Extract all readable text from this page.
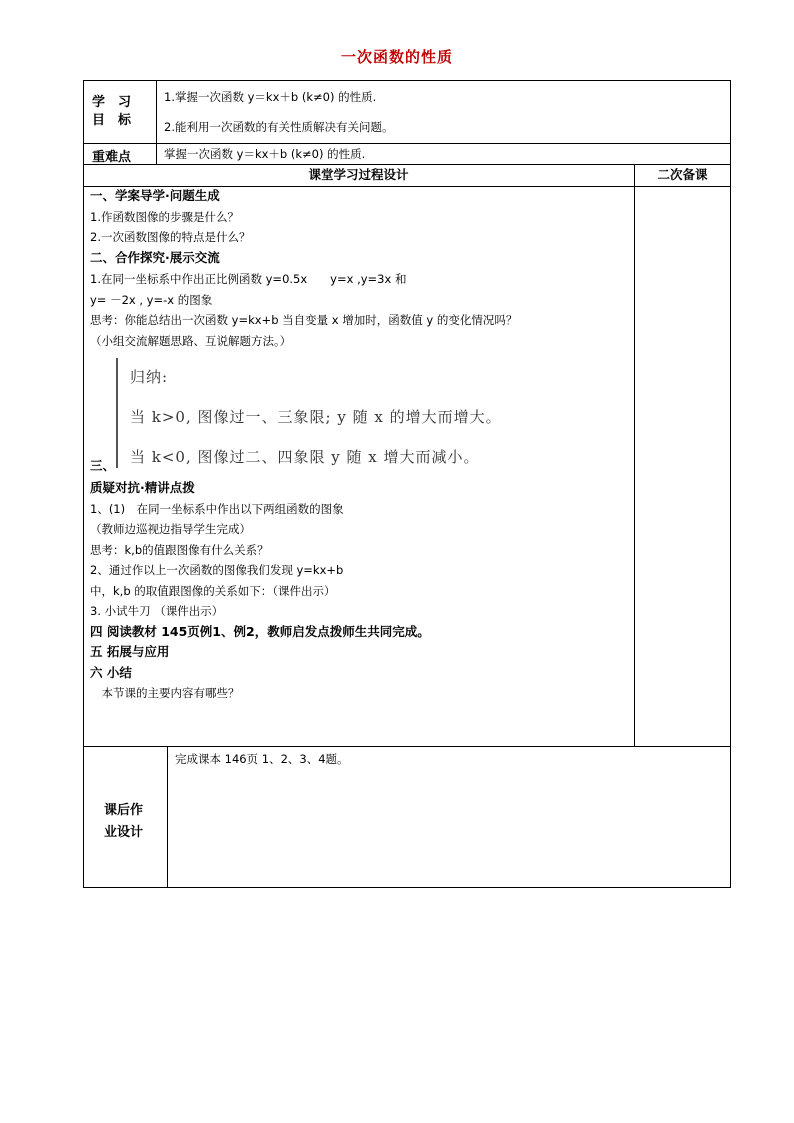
一次函数的性质
学　习
目　标
1.掌握一次函数 y＝kx＋b (k≠0) 的性质.
2.能利用一次函数的有关性质解决有关问题。
重难点	掌握一次函数 y＝kx＋b (k≠0) 的性质.
课堂学习过程设计	二次备课
一、学案导学·问题生成
1.作函数图像的步骤是什么？
2.一次函数图像的特点是什么？
二、合作探究·展示交流
1.在同一坐标系中作出正比例函数 y=0.5x　　y=x ,y=3x 和
y= －2x , y=-x 的图象
思考：你能总结出一次函数 y=kx+b 当自变量 x 增加时，函数值 y 的变化情况吗？
（小组交流解题思路、互说解题方法。）
归纳:
当 k>0, 图像过一、三象限; y 随 x 的增大而增大。
当 k<0, 图像过二、四象限 y 随 x 增大而减小。
三、
质疑对抗·精讲点拨
1、(1)　在同一坐标系中作出以下两组函数的图象
（教师边巡视边指导学生完成）
思考：k,b的值跟图像有什么关系？
2、通过作以上一次函数的图像我们发现 y=kx+b
中，k,b 的取值跟图像的关系如下：（课件出示）
3. 小试牛刀 （课件出示）
四 阅读教材 145页例1、例2，教师启发点拨师生共同完成。
五 拓展与应用
六 小结
　本节课的主要内容有哪些？
课后作
业设计
完成课本 146页 1、2、3、4题。
